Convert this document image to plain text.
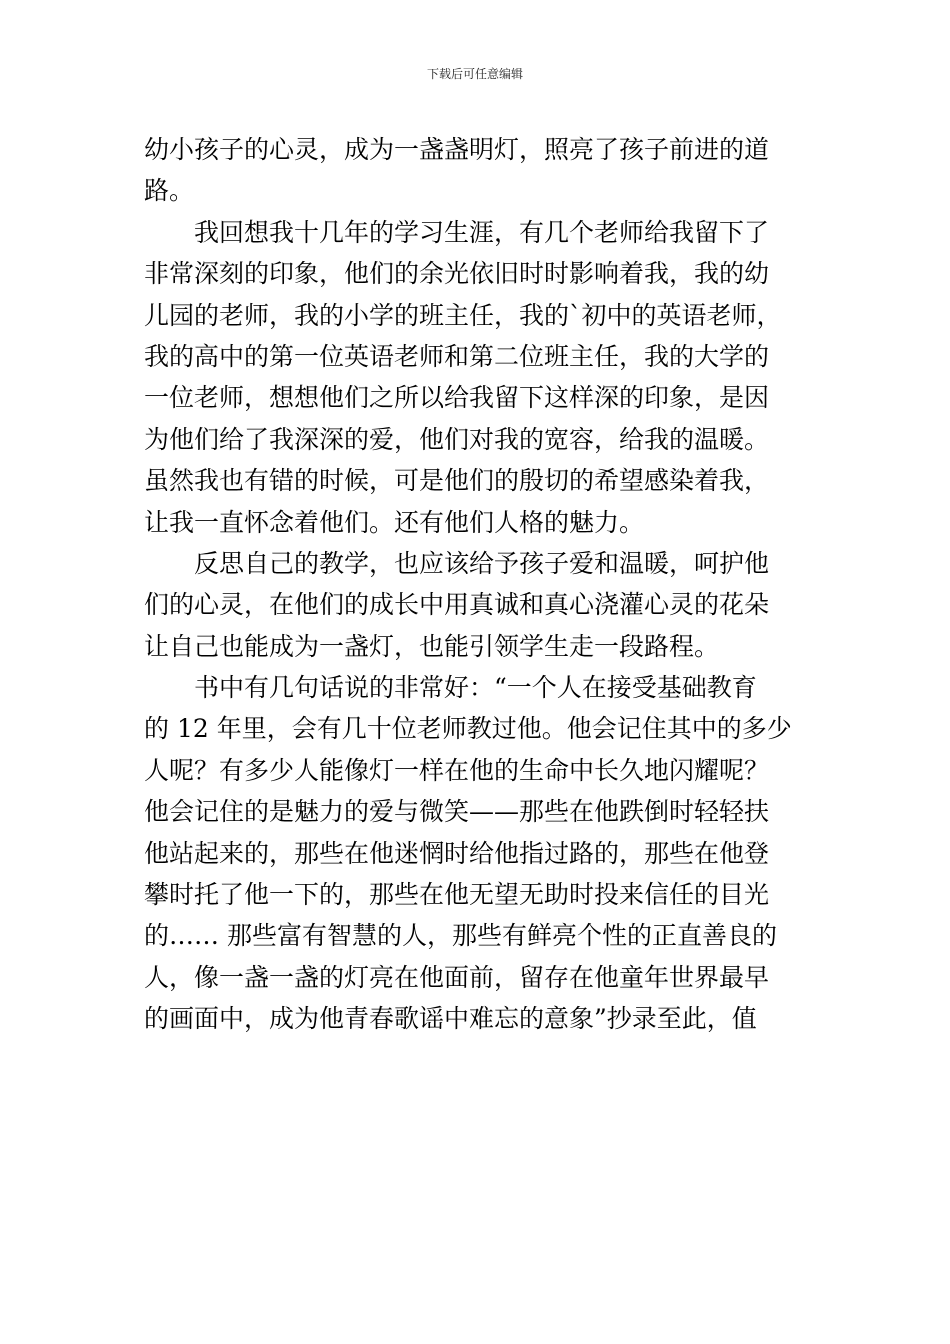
下载后可任意编辑
幼小孩子的心灵，成为一盏盏明灯，照亮了孩子前进的道
路。
我回想我十几年的学习生涯，有几个老师给我留下了
非常深刻的印象，他们的余光依旧时时影响着我，我的幼
儿园的老师，我的小学的班主任，我的`初中的英语老师，
我的高中的第一位英语老师和第二位班主任，我的大学的
一位老师，想想他们之所以给我留下这样深的印象，是因
为他们给了我深深的爱，他们对我的宽容，给我的温暖。
虽然我也有错的时候，可是他们的殷切的希望感染着我，
让我一直怀念着他们。还有他们人格的魅力。
反思自己的教学，也应该给予孩子爱和温暖，呵护他
们的心灵，在他们的成长中用真诚和真心浇灌心灵的花朵
让自己也能成为一盏灯，也能引领学生走一段路程。
书中有几句话说的非常好：“一个人在接受基础教育
的 12 年里，会有几十位老师教过他。他会记住其中的多少
人呢？有多少人能像灯一样在他的生命中长久地闪耀呢？
他会记住的是魅力的爱与微笑——那些在他跌倒时轻轻扶
他站起来的，那些在他迷惘时给他指过路的，那些在他登
攀时托了他一下的，那些在他无望无助时投来信任的目光
的…… 那些富有智慧的人，那些有鲜亮个性的正直善良的
人，像一盏一盏的灯亮在他面前，留存在他童年世界最早
的画面中，成为他青春歌谣中难忘的意象”抄录至此，值
